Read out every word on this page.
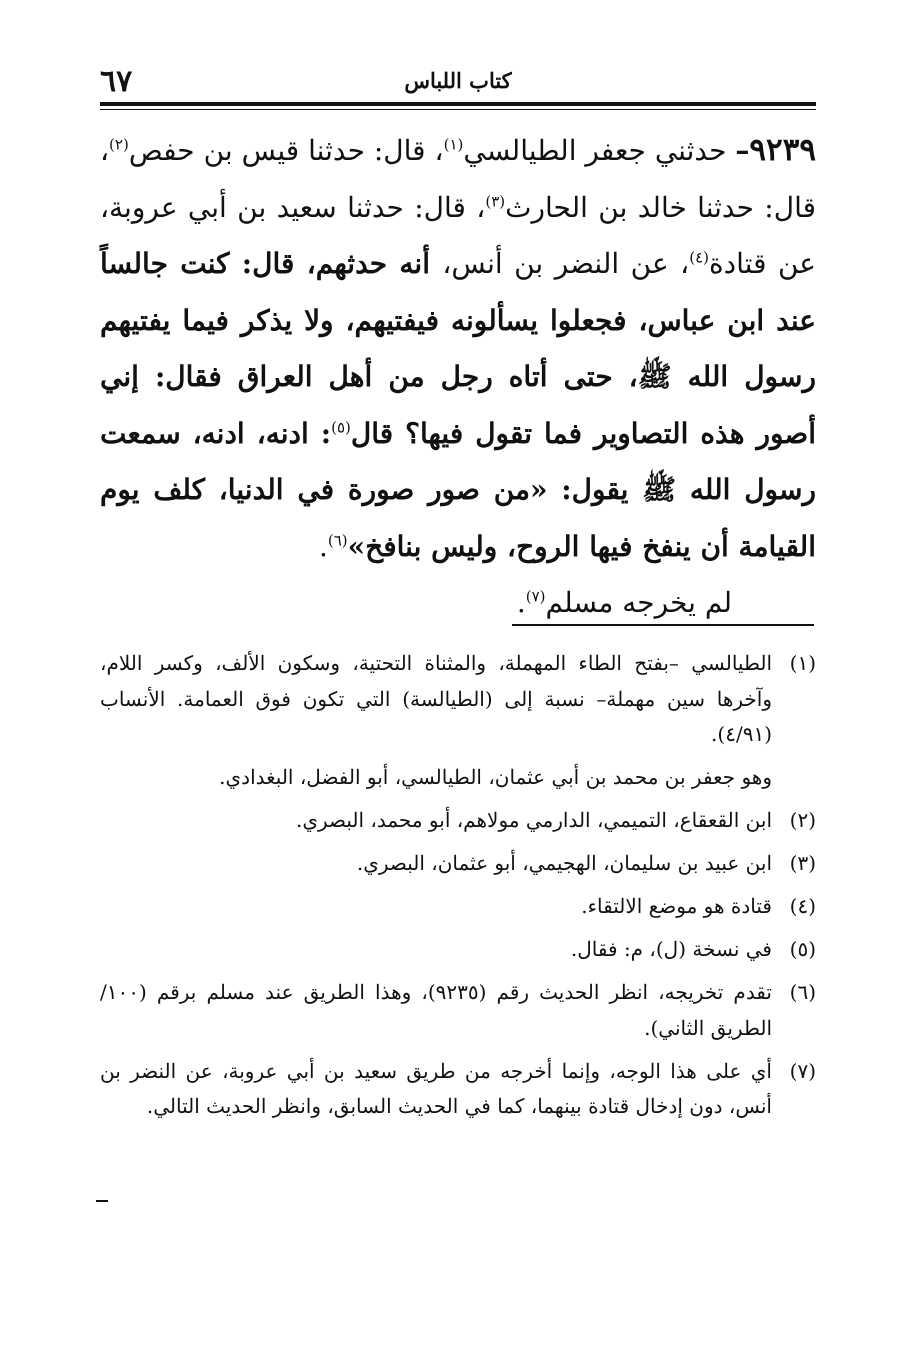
٦٧	كتاب اللباس

٩٢٣٩– حدثني جعفر الطيالسي$^{(١)}$، قال: حدثنا قيس بن حفص$^{(٢)}$، قال: حدثنا خالد بن الحارث$^{(٣)}$، قال: حدثنا سعيد بن أبي عروبة، عن قتادة$^{(٤)}$، عن النضر بن أنس، أنه حدثهم، قال: كنت جالساً عند ابن عباس، فجعلوا يسألونه فيفتيهم، ولا يذكر فيما يفتيهم رسول الله ﷺ، حتى أتاه رجل من أهل العراق فقال: إني أصور هذه التصاوير فما تقول فيها؟ قال$^{(٥)}$: ادنه، ادنه، سمعت رسول الله ﷺ يقول: «من صور صورة في الدنيا، كلف يوم القيامة أن ينفخ فيها الروح، وليس بنافخ»$^{(٦)}$.

لم يخرجه مسلم$^{(٧)}$.

(١)الطيالسي –بفتح الطاء المهملة، والمثناة التحتية، وسكون الألف، وكسر اللام، وآخرها سين مهملة– نسبة إلى (الطيالسة) التي تكون فوق العمامة. الأنساب (٤/٩١).

وهو جعفر بن محمد بن أبي عثمان، الطيالسي، أبو الفضل، البغدادي.

(٢)ابن القعقاع، التميمي، الدارمي مولاهم، أبو محمد، البصري.

(٣)ابن عبيد بن سليمان، الهجيمي، أبو عثمان، البصري.

(٤)قتادة هو موضع الالتقاء.

(٥)في نسخة (ل)، م: فقال.

(٦)تقدم تخريجه، انظر الحديث رقم (٩٢٣٥)، وهذا الطريق عند مسلم برقم (١٠٠/ الطريق الثاني).

(٧)أي على هذا الوجه، وإنما أخرجه من طريق سعيد بن أبي عروبة، عن النضر بن أنس، دون إدخال قتادة بينهما، كما في الحديث السابق، وانظر الحديث التالي.
